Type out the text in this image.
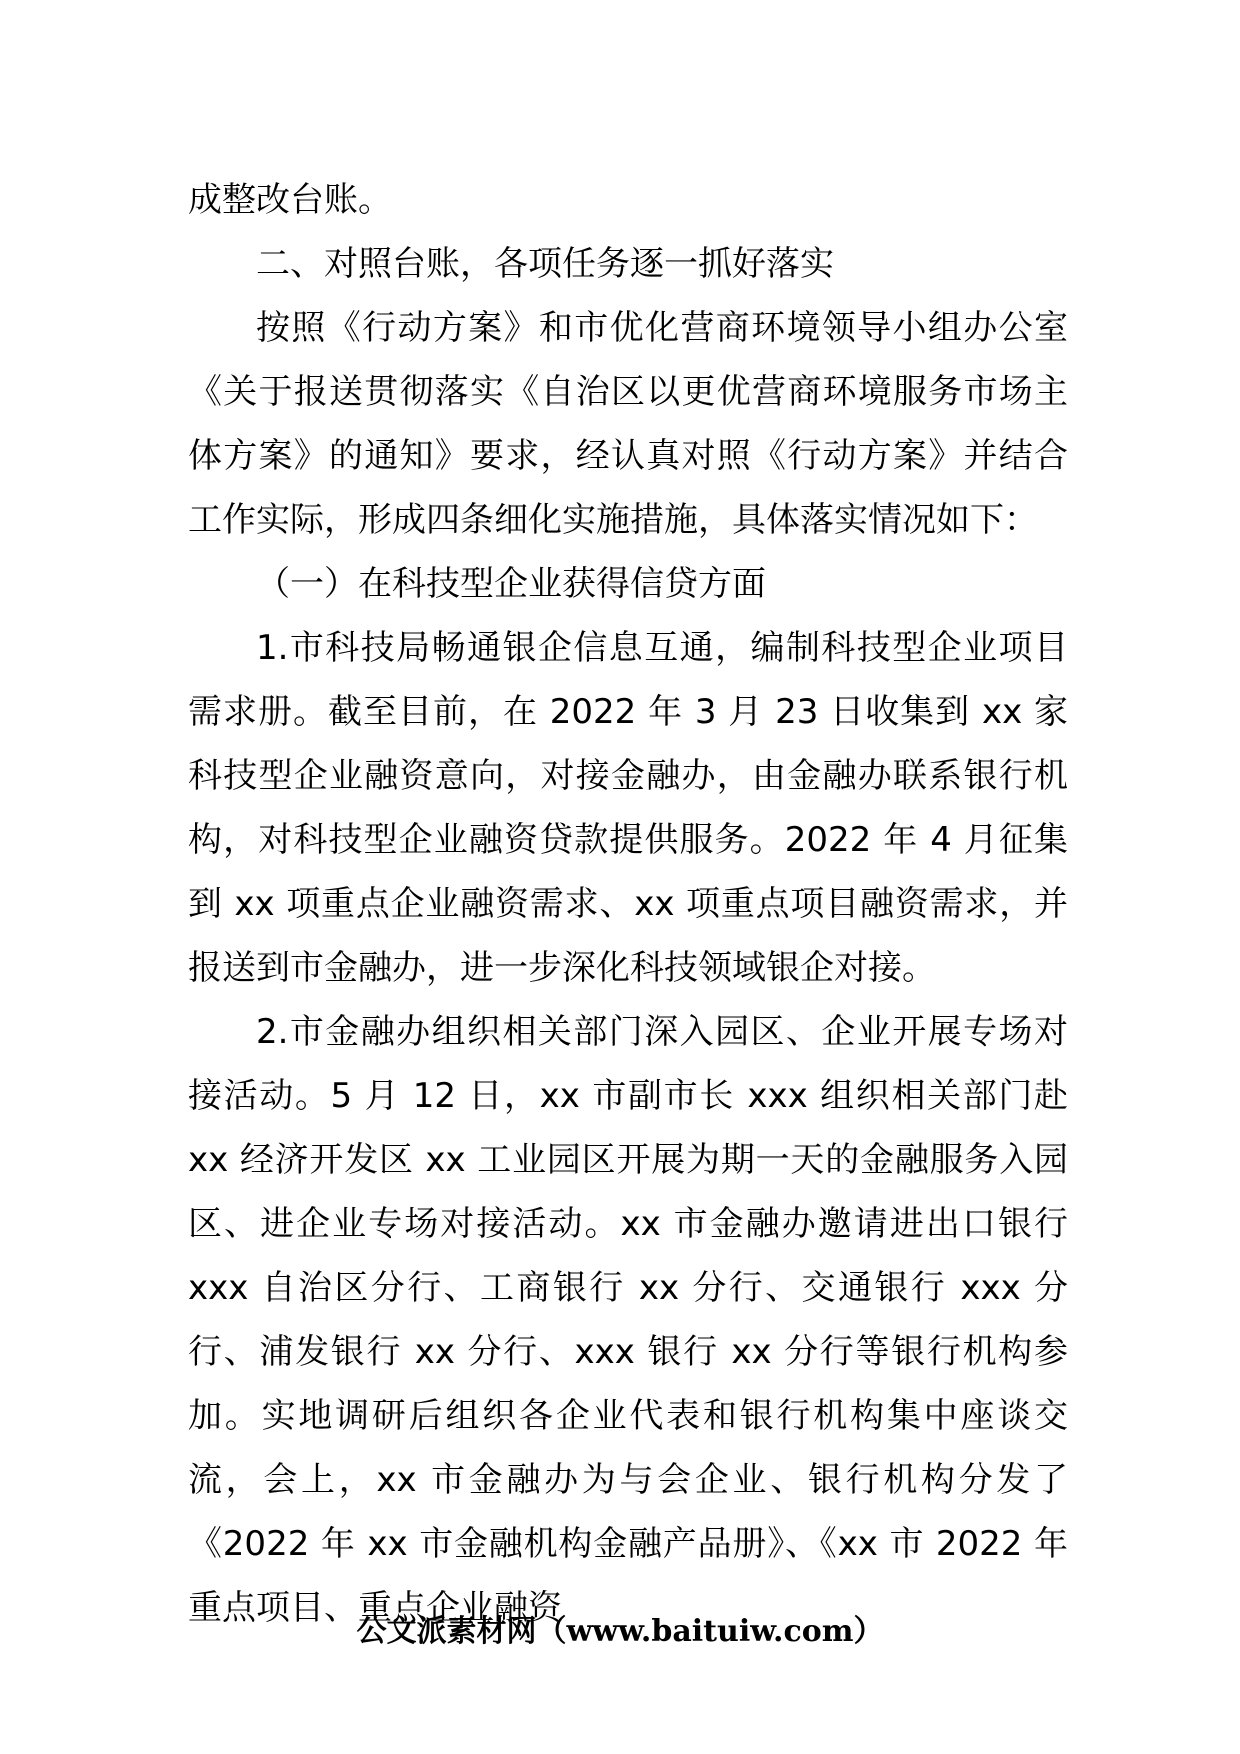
成整改台账。

二、对照台账，各项任务逐一抓好落实

按照《行动方案》和市优化营商环境领导小组办公室《关于报送贯彻落实《自治区以更优营商环境服务市场主体方案》的通知》要求，经认真对照《行动方案》并结合工作实际，形成四条细化实施措施，具体落实情况如下：

（一）在科技型企业获得信贷方面

1.市科技局畅通银企信息互通，编制科技型企业项目需求册。截至目前，在 2022 年 3 月 23 日收集到 xx 家科技型企业融资意向，对接金融办，由金融办联系银行机构，对科技型企业融资贷款提供服务。2022 年 4 月征集到 xx 项重点企业融资需求、xx 项重点项目融资需求，并报送到市金融办，进一步深化科技领域银企对接。

2.市金融办组织相关部门深入园区、企业开展专场对接活动。5 月 12 日，xx 市副市长 xxx 组织相关部门赴 xx 经济开发区 xx 工业园区开展为期一天的金融服务入园区、进企业专场对接活动。xx 市金融办邀请进出口银行 xxx 自治区分行、工商银行 xx 分行、交通银行 xxx 分行、浦发银行 xx 分行、xxx 银行 xx 分行等银行机构参加。实地调研后组织各企业代表和银行机构集中座谈交流，会上，xx 市金融办为与会企业、银行机构分发了《2022 年 xx 市金融机构金融产品册》、《xx 市 2022 年重点项目、重点企业融资

公文派素材网（www.baituiw.com）
